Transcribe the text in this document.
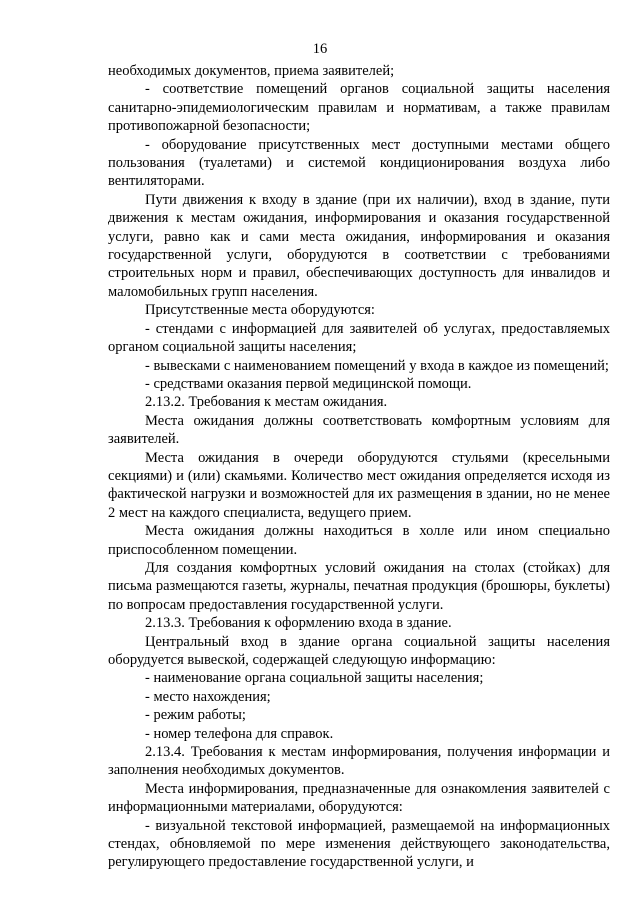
16

необходимых документов, приема заявителей;

- соответствие помещений органов социальной защиты населения санитарно-эпидемиологическим правилам и нормативам, а также правилам противопожарной безопасности;

- оборудование присутственных мест доступными местами общего пользования (туалетами) и системой кондиционирования воздуха либо вентиляторами.

Пути движения к входу в здание (при их наличии), вход в здание, пути движения к местам ожидания, информирования и оказания государственной услуги, равно как и сами места ожидания, информирования и оказания государственной услуги, оборудуются в соответствии с требованиями строительных норм и правил, обеспечивающих доступность для инвалидов и маломобильных групп населения.

Присутственные места оборудуются:

- стендами с информацией для заявителей об услугах, предоставляемых органом социальной защиты населения;

- вывесками с наименованием помещений у входа в каждое из помещений;

- средствами оказания первой медицинской помощи.

2.13.2. Требования к местам ожидания.

Места ожидания должны соответствовать комфортным условиям для заявителей.

Места ожидания в очереди оборудуются стульями (кресельными секциями) и (или) скамьями. Количество мест ожидания определяется исходя из фактической нагрузки и возможностей для их размещения в здании, но не менее 2 мест на каждого специалиста, ведущего прием.

Места ожидания должны находиться в холле или ином специально приспособленном помещении.

Для создания комфортных условий ожидания на столах (стойках) для письма размещаются газеты, журналы, печатная продукция (брошюры, буклеты) по вопросам предоставления государственной услуги.

2.13.3. Требования к оформлению входа в здание.

Центральный вход в здание органа социальной защиты населения оборудуется вывеской, содержащей следующую информацию:

- наименование органа социальной защиты населения;

- место нахождения;

- режим работы;

- номер телефона для справок.

2.13.4. Требования к местам информирования, получения информации и заполнения необходимых документов.

Места информирования, предназначенные для ознакомления заявителей с информационными материалами, оборудуются:

- визуальной текстовой информацией, размещаемой на информационных стендах, обновляемой по мере изменения действующего законодательства, регулирующего предоставление государственной услуги, и
